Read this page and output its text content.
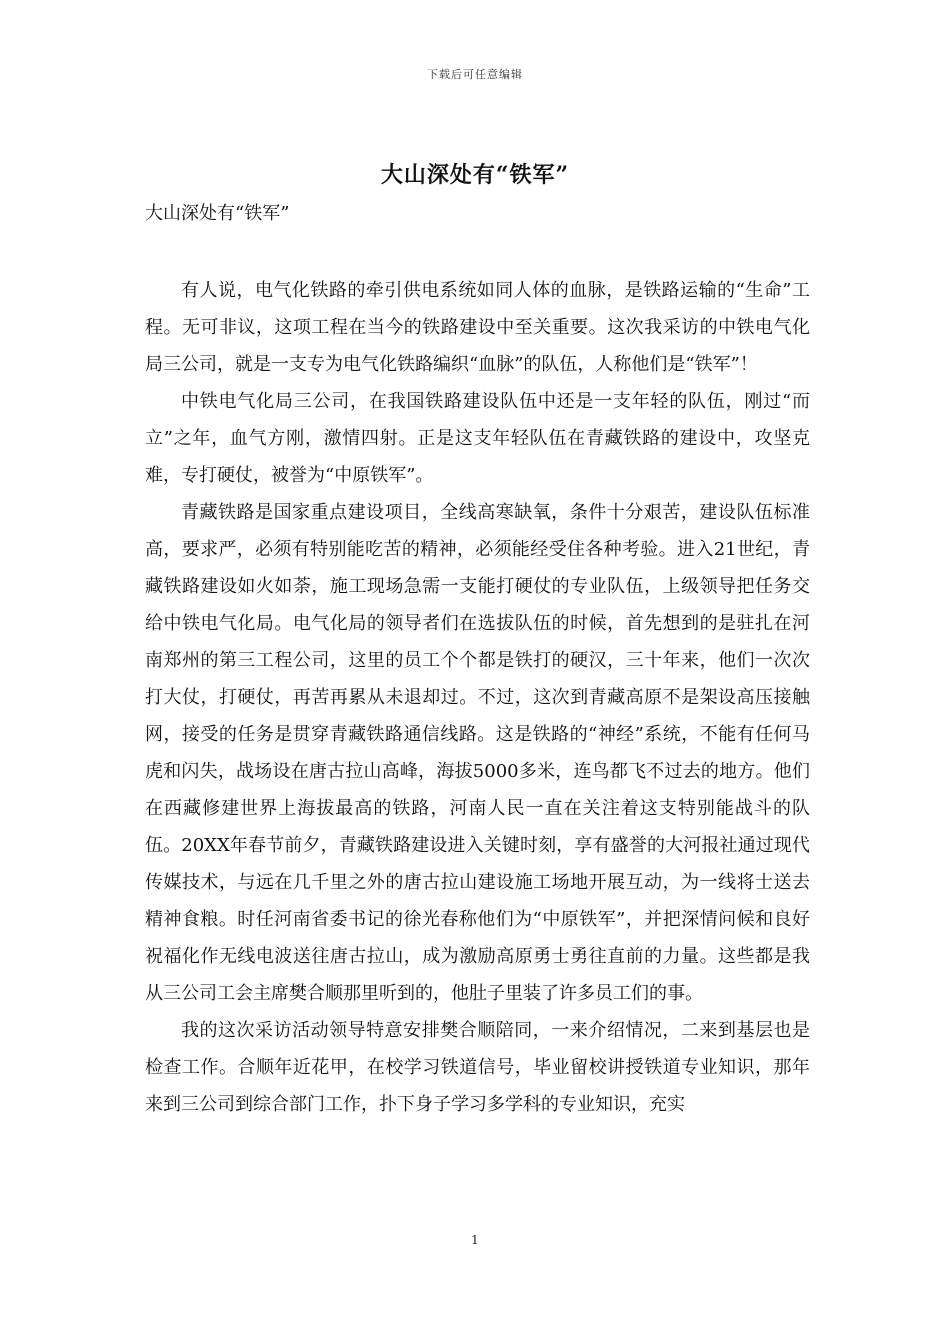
下载后可任意编辑
大山深处有“铁军”
大山深处有“铁军”

有人说，电气化铁路的牵引供电系统如同人体的血脉，是铁路运输的“生命”工程。无可非议，这项工程在当今的铁路建设中至关重要。这次我采访的中铁电气化局三公司，就是一支专为电气化铁路编织“血脉”的队伍，人称他们是“铁军”！

中铁电气化局三公司，在我国铁路建设队伍中还是一支年轻的队伍，刚过“而立”之年，血气方刚，激情四射。正是这支年轻队伍在青藏铁路的建设中，攻坚克难，专打硬仗，被誉为“中原铁军”。

青藏铁路是国家重点建设项目，全线高寒缺氧，条件十分艰苦，建设队伍标准高，要求严，必须有特别能吃苦的精神，必须能经受住各种考验。进入21世纪，青藏铁路建设如火如荼，施工现场急需一支能打硬仗的专业队伍，上级领导把任务交给中铁电气化局。电气化局的领导者们在选拔队伍的时候，首先想到的是驻扎在河南郑州的第三工程公司，这里的员工个个都是铁打的硬汉，三十年来，他们一次次打大仗，打硬仗，再苦再累从未退却过。不过，这次到青藏高原不是架设高压接触网，接受的任务是贯穿青藏铁路通信线路。这是铁路的“神经”系统，不能有任何马虎和闪失，战场设在唐古拉山高峰，海拔5000多米，连鸟都飞不过去的地方。他们在西藏修建世界上海拔最高的铁路，河南人民一直在关注着这支特别能战斗的队伍。20XX年春节前夕，青藏铁路建设进入关键时刻，享有盛誉的大河报社通过现代传媒技术，与远在几千里之外的唐古拉山建设施工场地开展互动，为一线将士送去精神食粮。时任河南省委书记的徐光春称他们为“中原铁军”，并把深情问候和良好祝福化作无线电波送往唐古拉山，成为激励高原勇士勇往直前的力量。这些都是我从三公司工会主席樊合顺那里听到的，他肚子里装了许多员工们的事。

我的这次采访活动领导特意安排樊合顺陪同，一来介绍情况，二来到基层也是检查工作。合顺年近花甲，在校学习铁道信号，毕业留校讲授铁道专业知识，那年来到三公司到综合部门工作，扑下身子学习多学科的专业知识，充实

1
